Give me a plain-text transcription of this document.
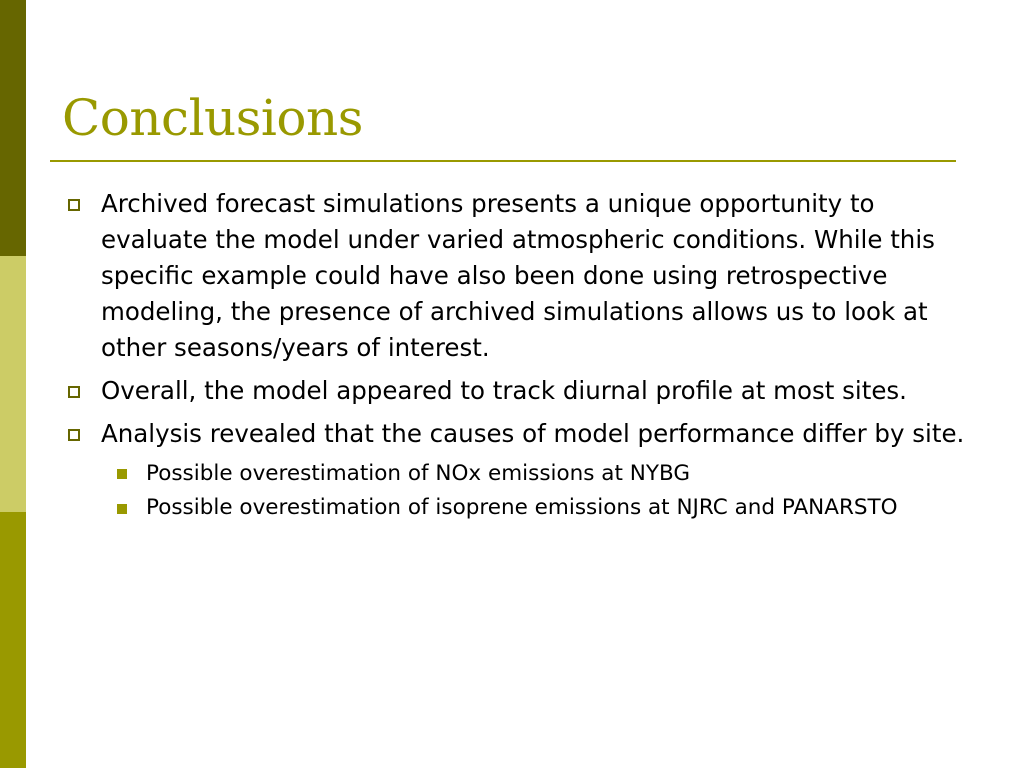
Conclusions
Archived forecast simulations presents a unique opportunity to evaluate the model under varied atmospheric conditions. While this specific example could have also been done using retrospective modeling, the presence of archived simulations allows us to look at other seasons/years of interest.
Overall, the model appeared to track diurnal profile at most sites.
Analysis revealed that the causes of model performance differ by site.
Possible overestimation of NOx emissions at NYBG
Possible overestimation of isoprene emissions at NJRC and PANARSTO
